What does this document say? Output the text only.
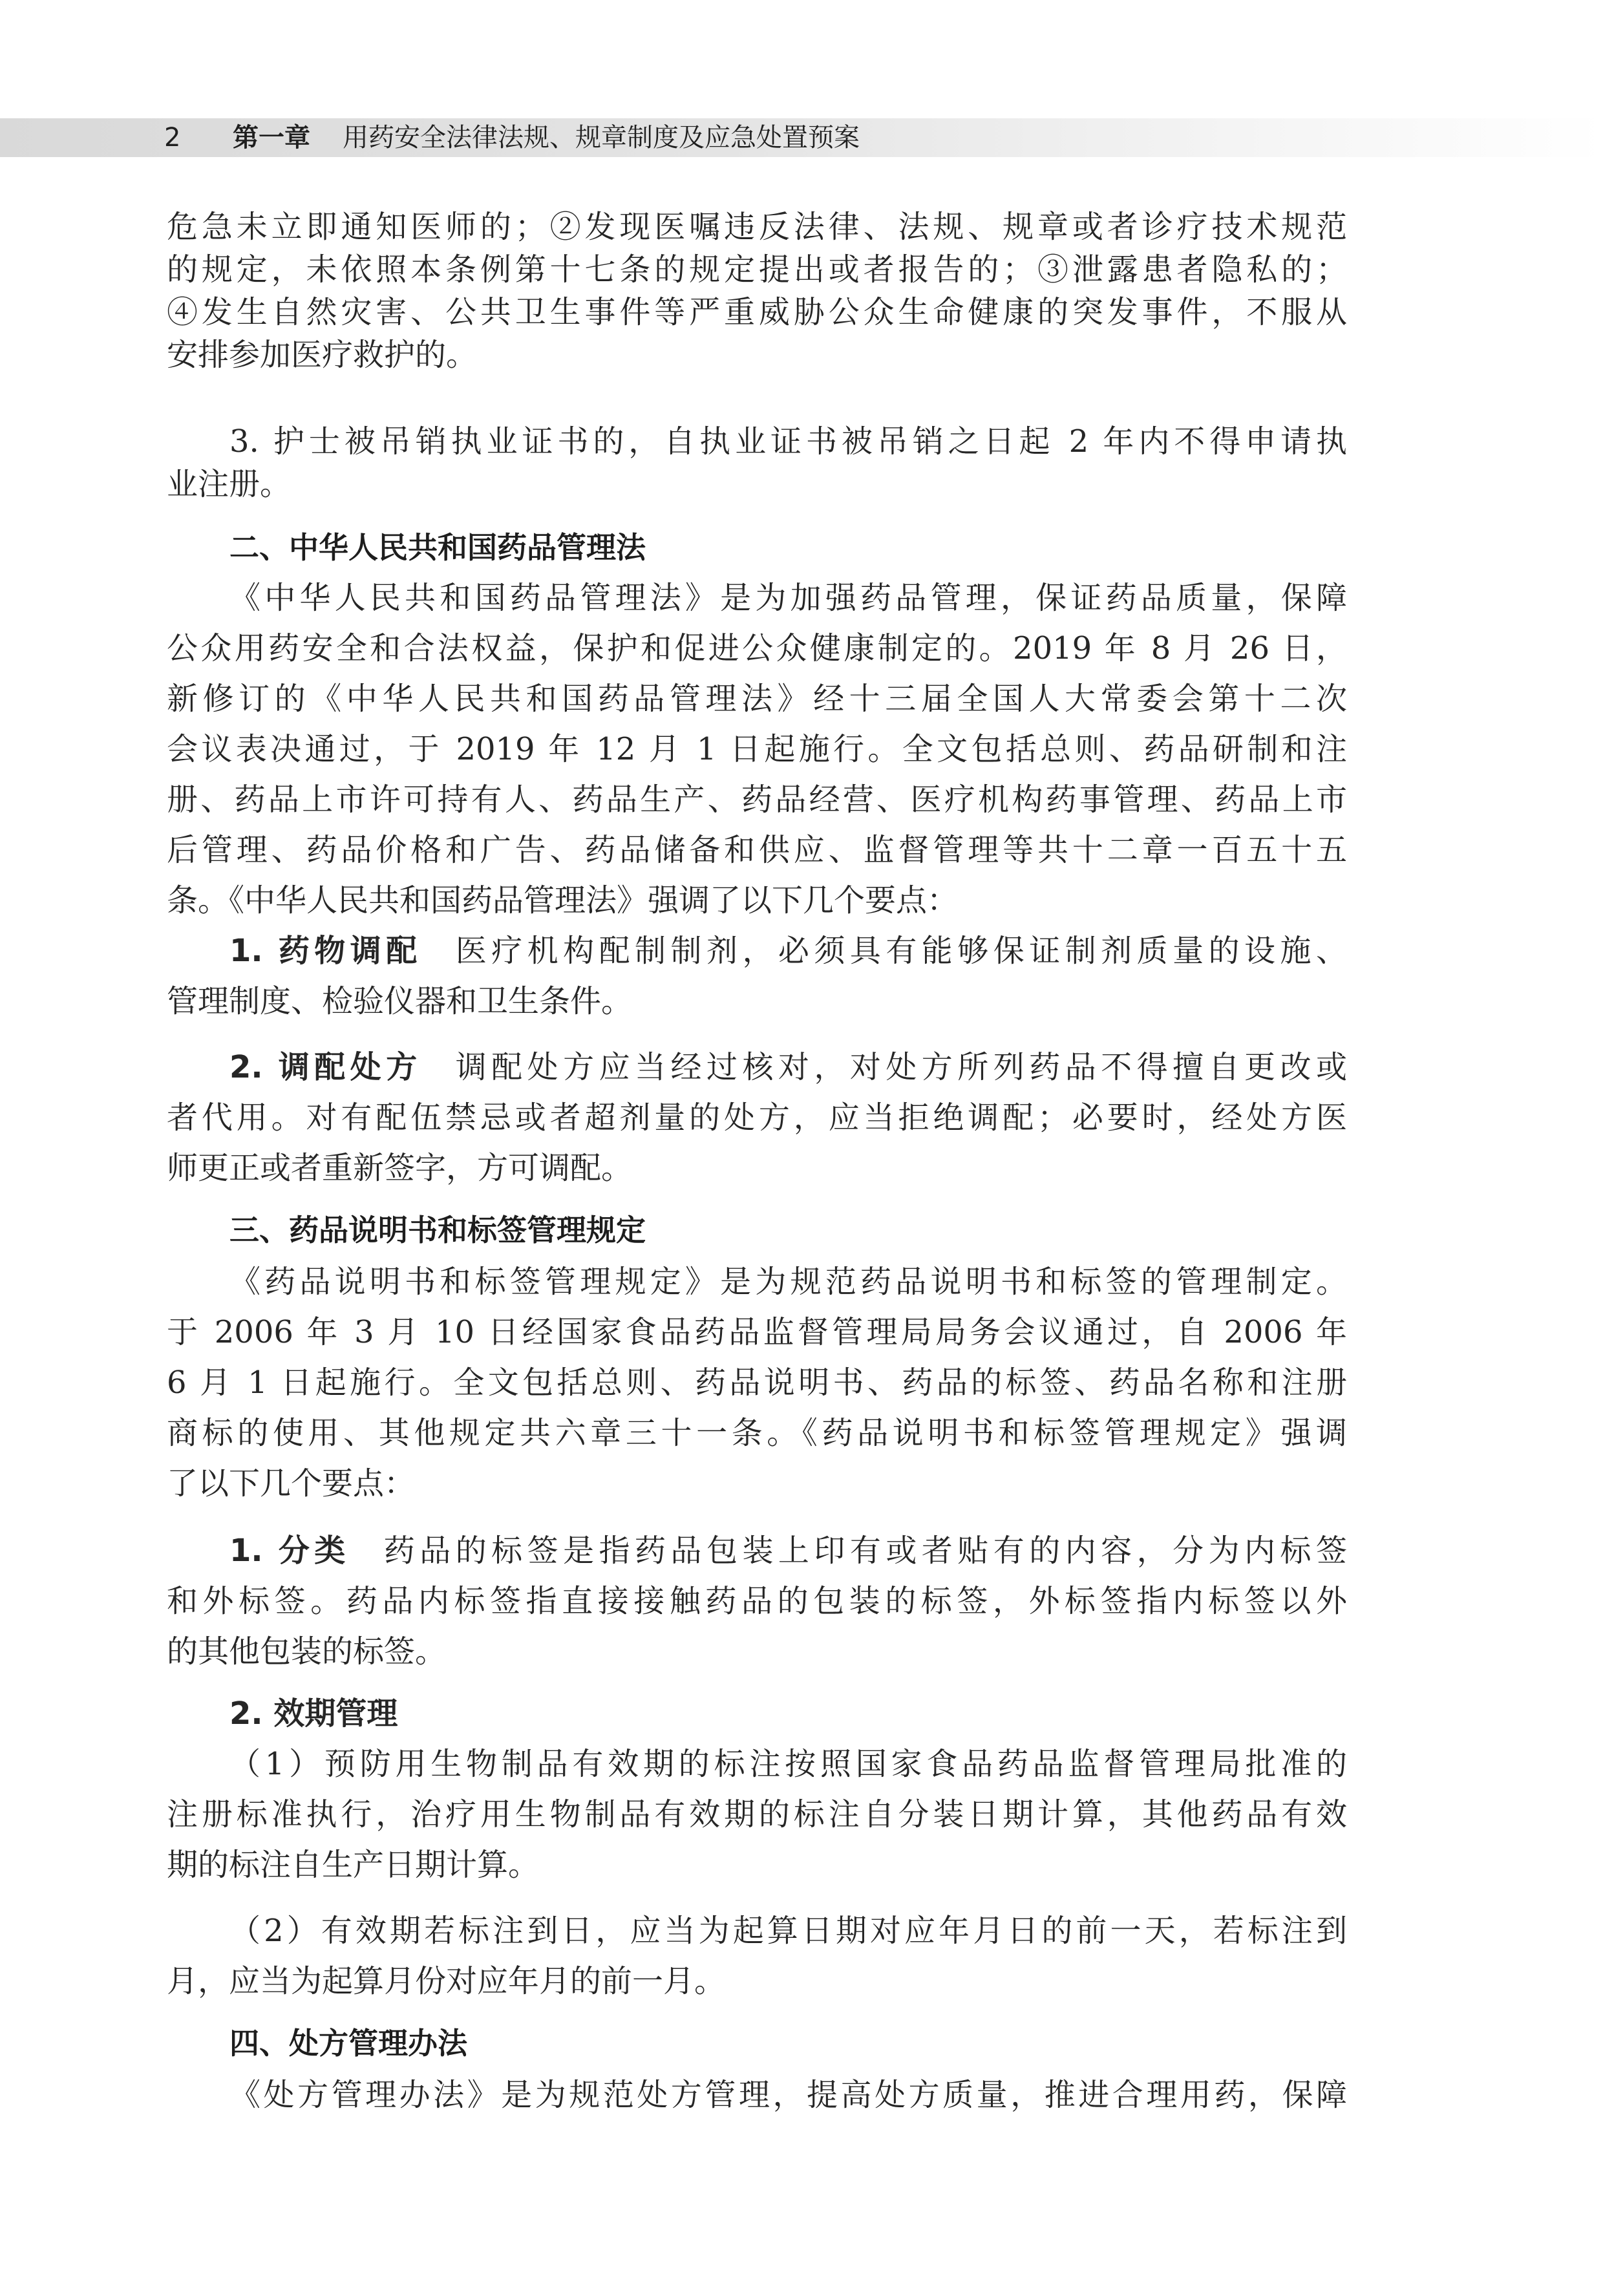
2 第一章 用药安全法律法规、规章制度及应急处置预案
危急未立即通知医师的；②发现医嘱违反法律、法规、规章或者诊疗技术规范
的规定，未依照本条例第十七条的规定提出或者报告的；③泄露患者隐私的；
④发生自然灾害、公共卫生事件等严重威胁公众生命健康的突发事件，不服从
安排参加医疗救护的。
3. 护士被吊销执业证书的，自执业证书被吊销之日起 2 年内不得申请执
业注册。
二、中华人民共和国药品管理法
《中华人民共和国药品管理法》是为加强药品管理，保证药品质量，保障
公众用药安全和合法权益，保护和促进公众健康制定的。2019 年 8 月 26 日，
新修订的《中华人民共和国药品管理法》经十三届全国人大常委会第十二次
会议表决通过，于 2019 年 12 月 1 日起施行。全文包括总则、药品研制和注
册、药品上市许可持有人、药品生产、药品经营、医疗机构药事管理、药品上市
后管理、药品价格和广告、药品储备和供应、监督管理等共十二章一百五十五
条。《中华人民共和国药品管理法》强调了以下几个要点：
1. 药物调配 医疗机构配制制剂，必须具有能够保证制剂质量的设施、
管理制度、检验仪器和卫生条件。
2. 调配处方 调配处方应当经过核对，对处方所列药品不得擅自更改或
者代用。对有配伍禁忌或者超剂量的处方，应当拒绝调配；必要时，经处方医
师更正或者重新签字，方可调配。
三、药品说明书和标签管理规定
《药品说明书和标签管理规定》是为规范药品说明书和标签的管理制定。
于 2006 年 3 月 10 日经国家食品药品监督管理局局务会议通过，自 2006 年
6 月 1 日起施行。全文包括总则、药品说明书、药品的标签、药品名称和注册
商标的使用、其他规定共六章三十一条。《药品说明书和标签管理规定》强调
了以下几个要点：
1. 分类 药品的标签是指药品包装上印有或者贴有的内容，分为内标签
和外标签。药品内标签指直接接触药品的包装的标签，外标签指内标签以外
的其他包装的标签。
2. 效期管理
（1）预防用生物制品有效期的标注按照国家食品药品监督管理局批准的
注册标准执行，治疗用生物制品有效期的标注自分装日期计算，其他药品有效
期的标注自生产日期计算。
（2）有效期若标注到日，应当为起算日期对应年月日的前一天，若标注到
月，应当为起算月份对应年月的前一月。
四、处方管理办法
《处方管理办法》是为规范处方管理，提高处方质量，推进合理用药，保障
